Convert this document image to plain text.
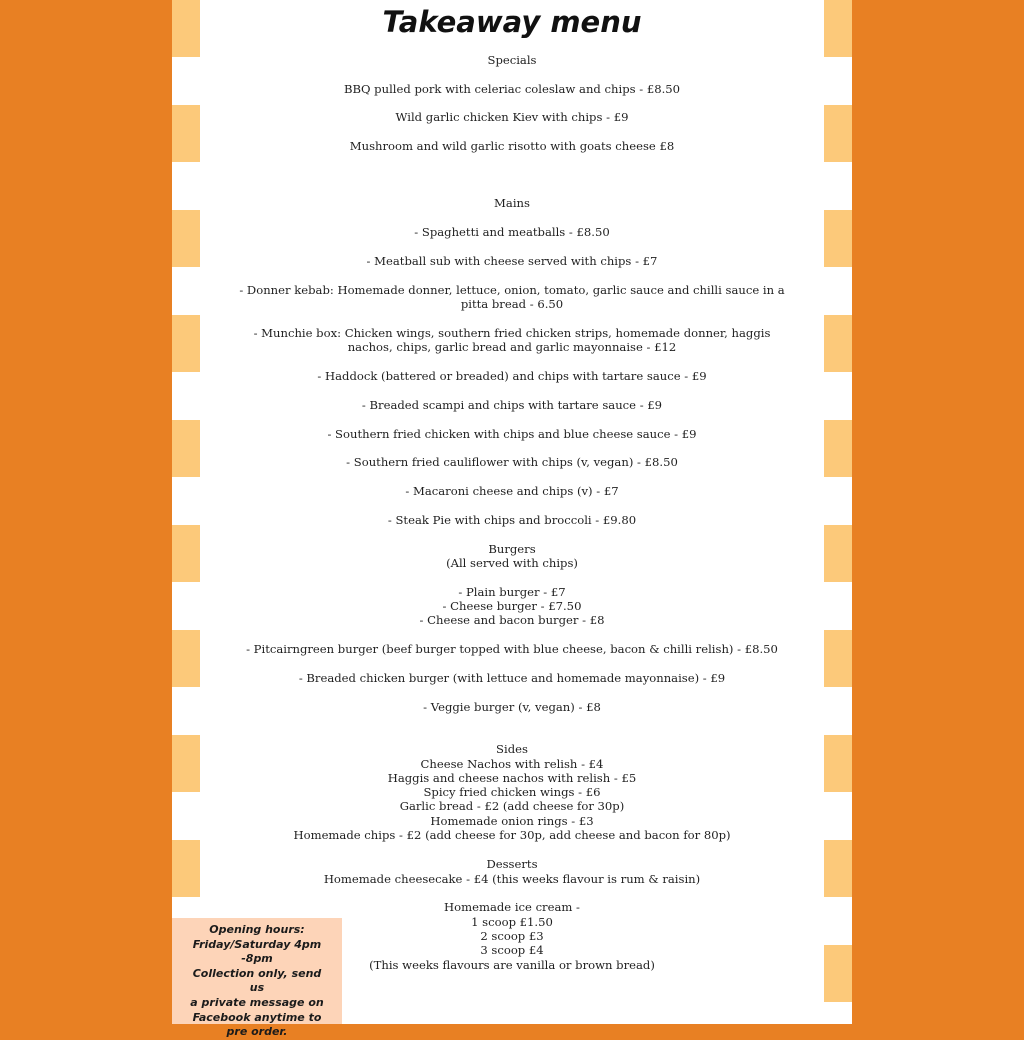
Takeaway menu

Specials

BBQ pulled pork with celeriac coleslaw and chips - £8.50

Wild garlic chicken Kiev with chips - £9

Mushroom and wild garlic risotto with goats cheese £8

Mains

- Spaghetti and meatballs - £8.50

- Meatball sub with cheese served with chips - £7

- Donner kebab: Homemade donner, lettuce, onion, tomato, garlic sauce and chilli sauce in a

pitta bread - 6.50

- Munchie box: Chicken wings, southern fried chicken strips, homemade donner, haggis

nachos, chips, garlic bread and garlic mayonnaise - £12

- Haddock (battered or breaded) and chips with tartare sauce - £9

- Breaded scampi and chips with tartare sauce - £9

- Southern fried chicken with chips and blue cheese sauce - £9

- Southern fried cauliflower with chips (v, vegan) - £8.50

- Macaroni cheese and chips (v) - £7

- Steak Pie with chips and broccoli - £9.80

Burgers

(All served with chips)

- Plain burger - £7

- Cheese burger - £7.50

- Cheese and bacon burger - £8

- Pitcairngreen burger (beef burger topped with blue cheese, bacon & chilli relish) - £8.50

- Breaded chicken burger (with lettuce and homemade mayonnaise) - £9

- Veggie burger (v, vegan) - £8

Sides

Cheese Nachos with relish - £4

Haggis and cheese nachos with relish - £5

Spicy fried chicken wings - £6

Garlic bread - £2 (add cheese for 30p)

Homemade onion rings - £3

Homemade chips - £2 (add cheese for 30p, add cheese and bacon for 80p)

Desserts

Homemade cheesecake - £4 (this weeks flavour is rum & raisin)

Homemade ice cream -

1 scoop £1.50

2 scoop £3

3 scoop £4

(This weeks flavours are vanilla or brown bread)

Opening hours:
Friday/Saturday 4pm
-8pm
Collection only, send us
a private message on
Facebook anytime to
pre order.
